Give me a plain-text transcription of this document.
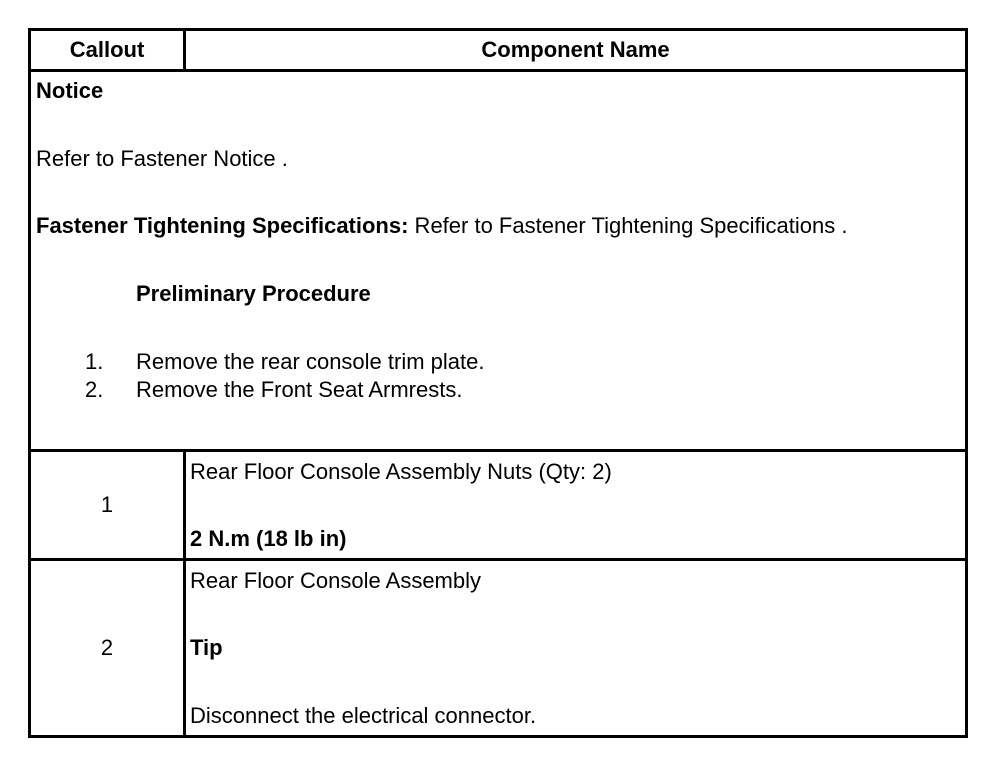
Callout	Component Name
Notice
Refer to Fastener Notice .
Fastener Tightening Specifications: Refer to Fastener Tightening Specifications .
Preliminary Procedure
1. Remove the rear console trim plate.
2. Remove the Front Seat Armrests.
1
Rear Floor Console Assembly Nuts (Qty: 2)
2 N.m (18 lb in)
2
Rear Floor Console Assembly
Tip
Disconnect the electrical connector.
